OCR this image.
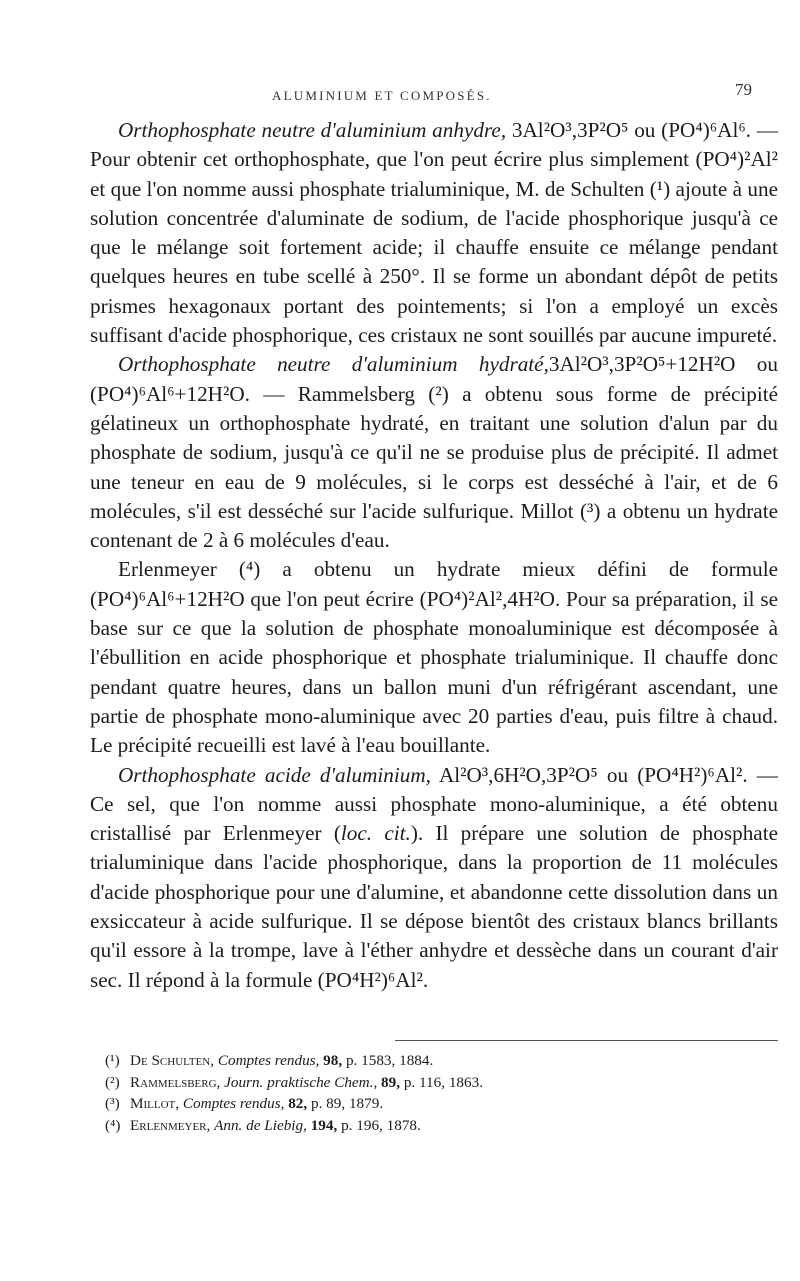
ALUMINIUM ET COMPOSÉS.	79

Orthophosphate neutre d'aluminium anhydre, 3Al²O³,3P²O⁵ ou (PO⁴)⁶Al⁶. — Pour obtenir cet orthophosphate, que l'on peut écrire plus simplement (PO⁴)²Al² et que l'on nomme aussi phosphate trialuminique, M. de Schulten (¹) ajoute à une solution concentrée d'aluminate de sodium, de l'acide phosphorique jusqu'à ce que le mélange soit fortement acide; il chauffe ensuite ce mélange pendant quelques heures en tube scellé à 250°. Il se forme un abondant dépôt de petits prismes hexagonaux portant des pointements; si l'on a employé un excès suffisant d'acide phosphorique, ces cristaux ne sont souillés par aucune impureté.

Orthophosphate neutre d'aluminium hydraté,3Al²O³,3P²O⁵+12H²O ou (PO⁴)⁶Al⁶+12H²O. — Rammelsberg (²) a obtenu sous forme de précipité gélatineux un orthophosphate hydraté, en traitant une solution d'alun par du phosphate de sodium, jusqu'à ce qu'il ne se produise plus de précipité. Il admet une teneur en eau de 9 molécules, si le corps est desséché à l'air, et de 6 molécules, s'il est desséché sur l'acide sulfurique. Millot (³) a obtenu un hydrate contenant de 2 à 6 molécules d'eau.

Erlenmeyer (⁴) a obtenu un hydrate mieux défini de formule (PO⁴)⁶Al⁶+12H²O que l'on peut écrire (PO⁴)²Al²,4H²O. Pour sa préparation, il se base sur ce que la solution de phosphate monoaluminique est décomposée à l'ébullition en acide phosphorique et phosphate trialuminique. Il chauffe donc pendant quatre heures, dans un ballon muni d'un réfrigérant ascendant, une partie de phosphate mono-aluminique avec 20 parties d'eau, puis filtre à chaud. Le précipité recueilli est lavé à l'eau bouillante.

Orthophosphate acide d'aluminium, Al²O³,6H²O,3P²O⁵ ou (PO⁴H²)⁶Al². — Ce sel, que l'on nomme aussi phosphate mono-aluminique, a été obtenu cristallisé par Erlenmeyer (loc. cit.). Il prépare une solution de phosphate trialuminique dans l'acide phosphorique, dans la proportion de 11 molécules d'acide phosphorique pour une d'alumine, et abandonne cette dissolution dans un exsiccateur à acide sulfurique. Il se dépose bientôt des cristaux blancs brillants qu'il essore à la trompe, lave à l'éther anhydre et dessèche dans un courant d'air sec. Il répond à la formule (PO⁴H²)⁶Al².

(¹) De Schulten, Comptes rendus, 98, p. 1583, 1884.
(²) Rammelsberg, Journ. praktische Chem., 89, p. 116, 1863.
(³) Millot, Comptes rendus, 82, p. 89, 1879.
(⁴) Erlenmeyer, Ann. de Liebig, 194, p. 196, 1878.
